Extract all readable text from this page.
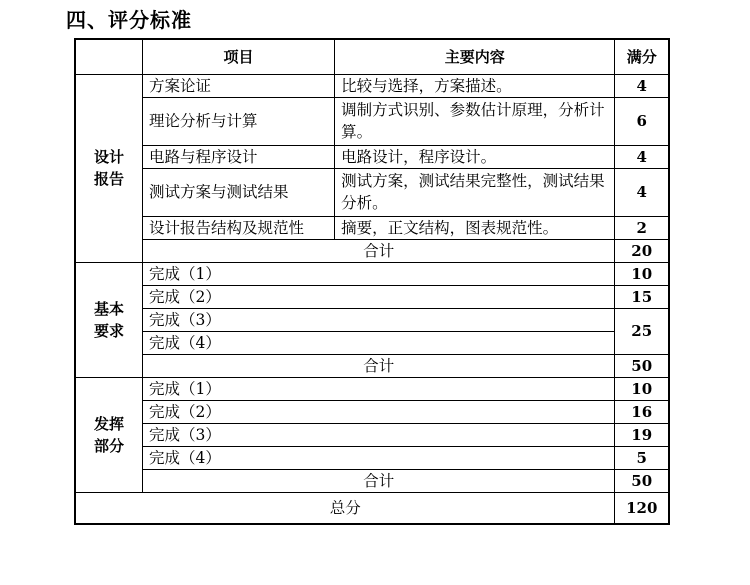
四、评分标准
	项目	主要内容	满分

设计
报告	方案论证	比较与选择，方案描述。	4
	理论分析与计算	调制方式识别、参数估计原理，分析计算。	6
	电路与程序设计	电路设计，程序设计。	4
	测试方案与测试结果	测试方案，测试结果完整性，测试结果分析。	4
	设计报告结构及规范性	摘要，正文结构，图表规范性。	2
	合计		20

基本
要求	完成（1）		10
	完成（2）		15
	完成（3）		25
	完成（4）		
	合计		50

发挥
部分	完成（1）		10
	完成（2）		16
	完成（3）		19
	完成（4）		5
	合计		50
总分			120
